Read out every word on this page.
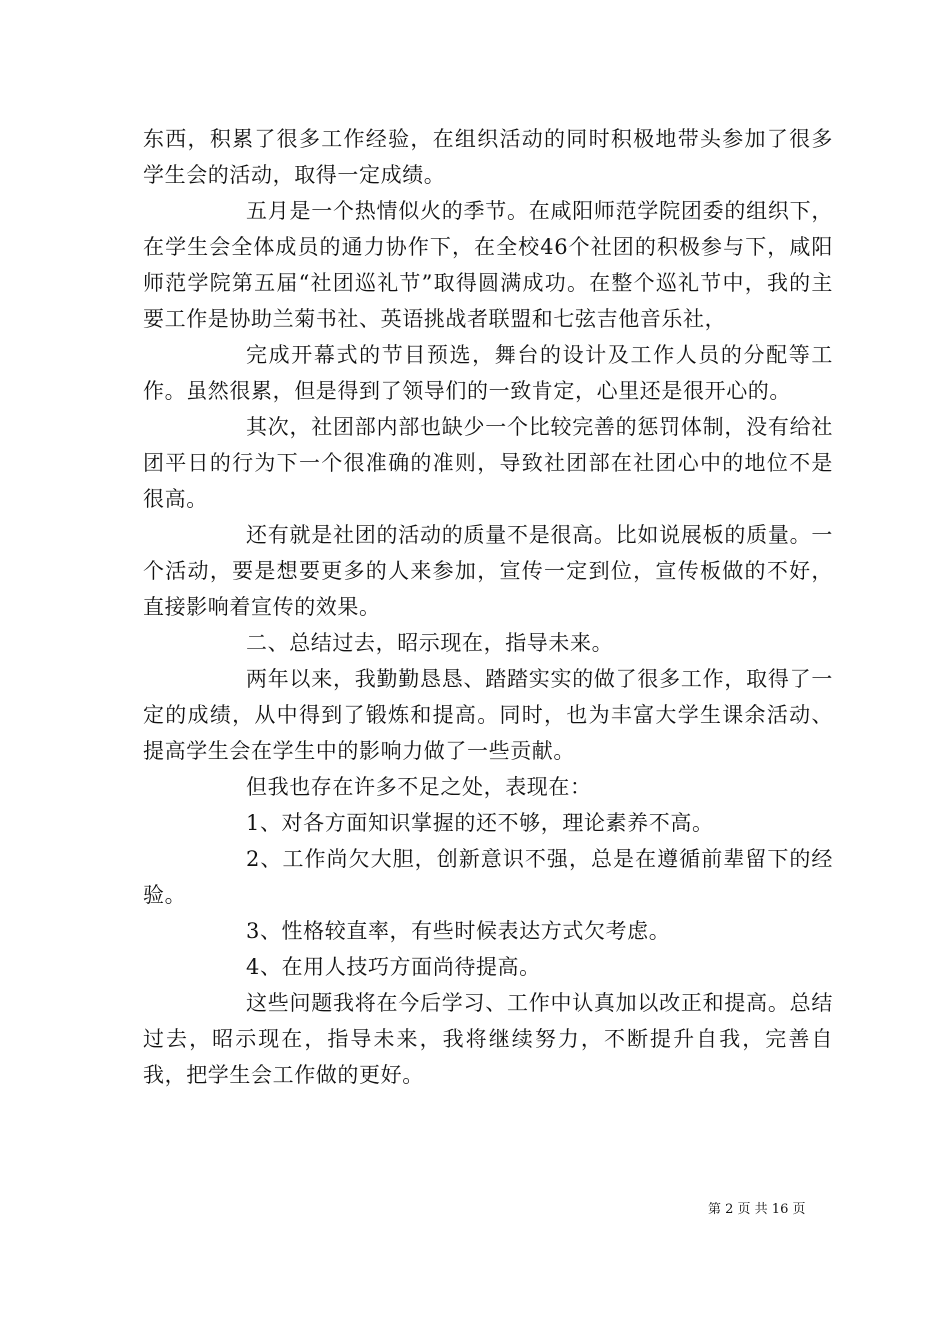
东西，积累了很多工作经验，在组织活动的同时积极地带头参加了很多学生会的活动，取得一定成绩。

五月是一个热情似火的季节。在咸阳师范学院团委的组织下，在学生会全体成员的通力协作下，在全校46个社团的积极参与下，咸阳师范学院第五届“社团巡礼节”取得圆满成功。在整个巡礼节中，我的主要工作是协助兰菊书社、英语挑战者联盟和七弦吉他音乐社，

完成开幕式的节目预选，舞台的设计及工作人员的分配等工作。虽然很累，但是得到了领导们的一致肯定，心里还是很开心的。

其次，社团部内部也缺少一个比较完善的惩罚体制，没有给社团平日的行为下一个很准确的准则，导致社团部在社团心中的地位不是很高。

还有就是社团的活动的质量不是很高。比如说展板的质量。一个活动，要是想要更多的人来参加，宣传一定到位，宣传板做的不好，直接影响着宣传的效果。

二、总结过去，昭示现在，指导未来。

两年以来，我勤勤恳恳、踏踏实实的做了很多工作，取得了一定的成绩，从中得到了锻炼和提高。同时，也为丰富大学生课余活动、提高学生会在学生中的影响力做了一些贡献。

但我也存在许多不足之处，表现在：

1、对各方面知识掌握的还不够，理论素养不高。

2、工作尚欠大胆，创新意识不强，总是在遵循前辈留下的经验。

3、性格较直率，有些时候表达方式欠考虑。

4、在用人技巧方面尚待提高。

这些问题我将在今后学习、工作中认真加以改正和提高。总结过去，昭示现在，指导未来，我将继续努力，不断提升自我，完善自我，把学生会工作做的更好。

第 2 页 共 16 页
